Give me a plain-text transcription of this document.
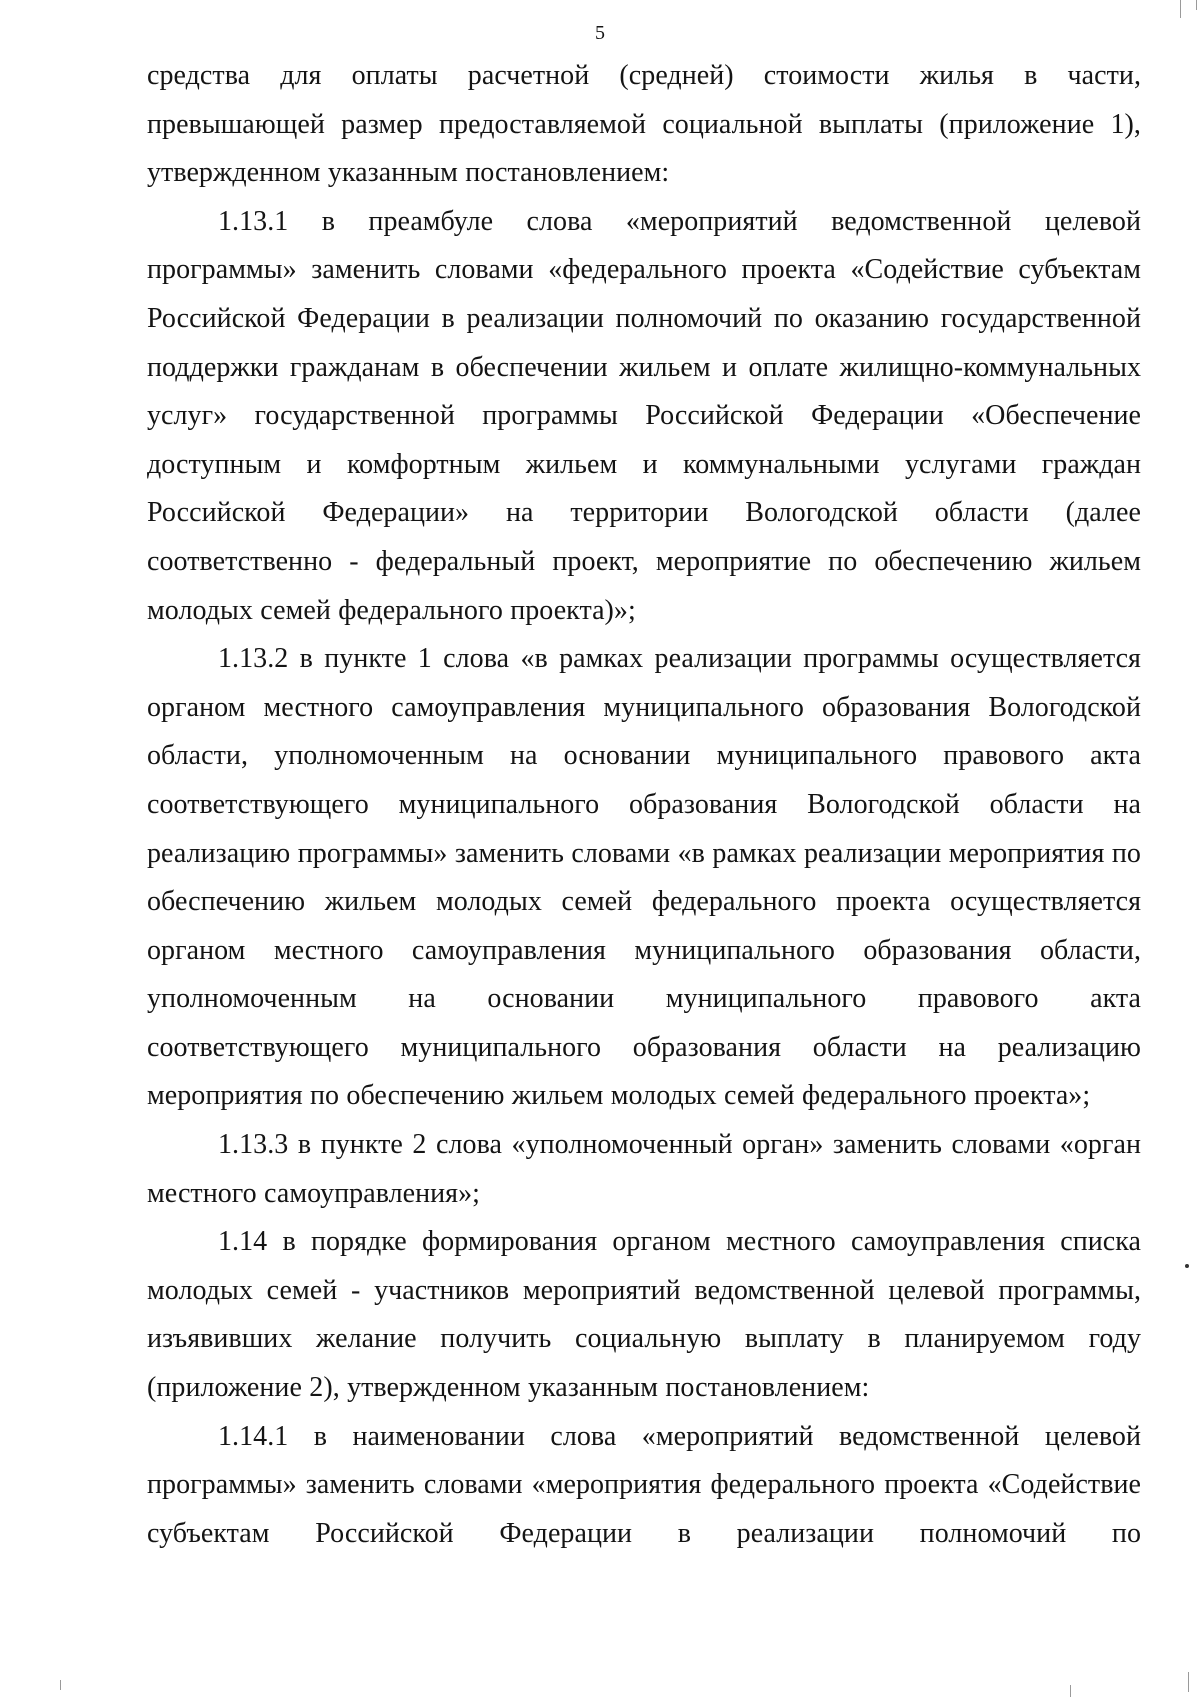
5

средства для оплаты расчетной (средней) стоимости жилья в части, превышающей размер предоставляемой социальной выплаты (приложение 1), утвержденном указанным постановлением:

1.13.1 в преамбуле слова «мероприятий ведомственной целевой программы» заменить словами «федерального проекта «Содействие субъектам Российской Федерации в реализации полномочий по оказанию государственной поддержки гражданам в обеспечении жильем и оплате жилищно-коммунальных услуг» государственной программы Российской Федерации «Обеспечение доступным и комфортным жильем и коммунальными услугами граждан Российской Федерации» на территории Вологодской области (далее соответственно - федеральный проект, мероприятие по обеспечению жильем молодых семей федерального проекта)»;

1.13.2 в пункте 1 слова «в рамках реализации программы осуществляется органом местного самоуправления муниципального образования Вологодской области, уполномоченным на основании муниципального правового акта соответствующего муниципального образования Вологодской области на реализацию программы» заменить словами «в рамках реализации мероприятия по обеспечению жильем молодых семей федерального проекта осуществляется органом местного самоуправления муниципального образования области, уполномоченным на основании муниципального правового акта соответствующего муниципального образования области на реализацию мероприятия по обеспечению жильем молодых семей федерального проекта»;

1.13.3 в пункте 2 слова «уполномоченный орган» заменить словами «орган местного самоуправления»;

1.14 в порядке формирования органом местного самоуправления списка молодых семей - участников мероприятий ведомственной целевой программы, изъявивших желание получить социальную выплату в планируемом году (приложение 2), утвержденном указанным постановлением:

1.14.1 в наименовании слова «мероприятий ведомственной целевой программы» заменить словами «мероприятия федерального проекта «Содействие субъектам Российской Федерации в реализации полномочий по
